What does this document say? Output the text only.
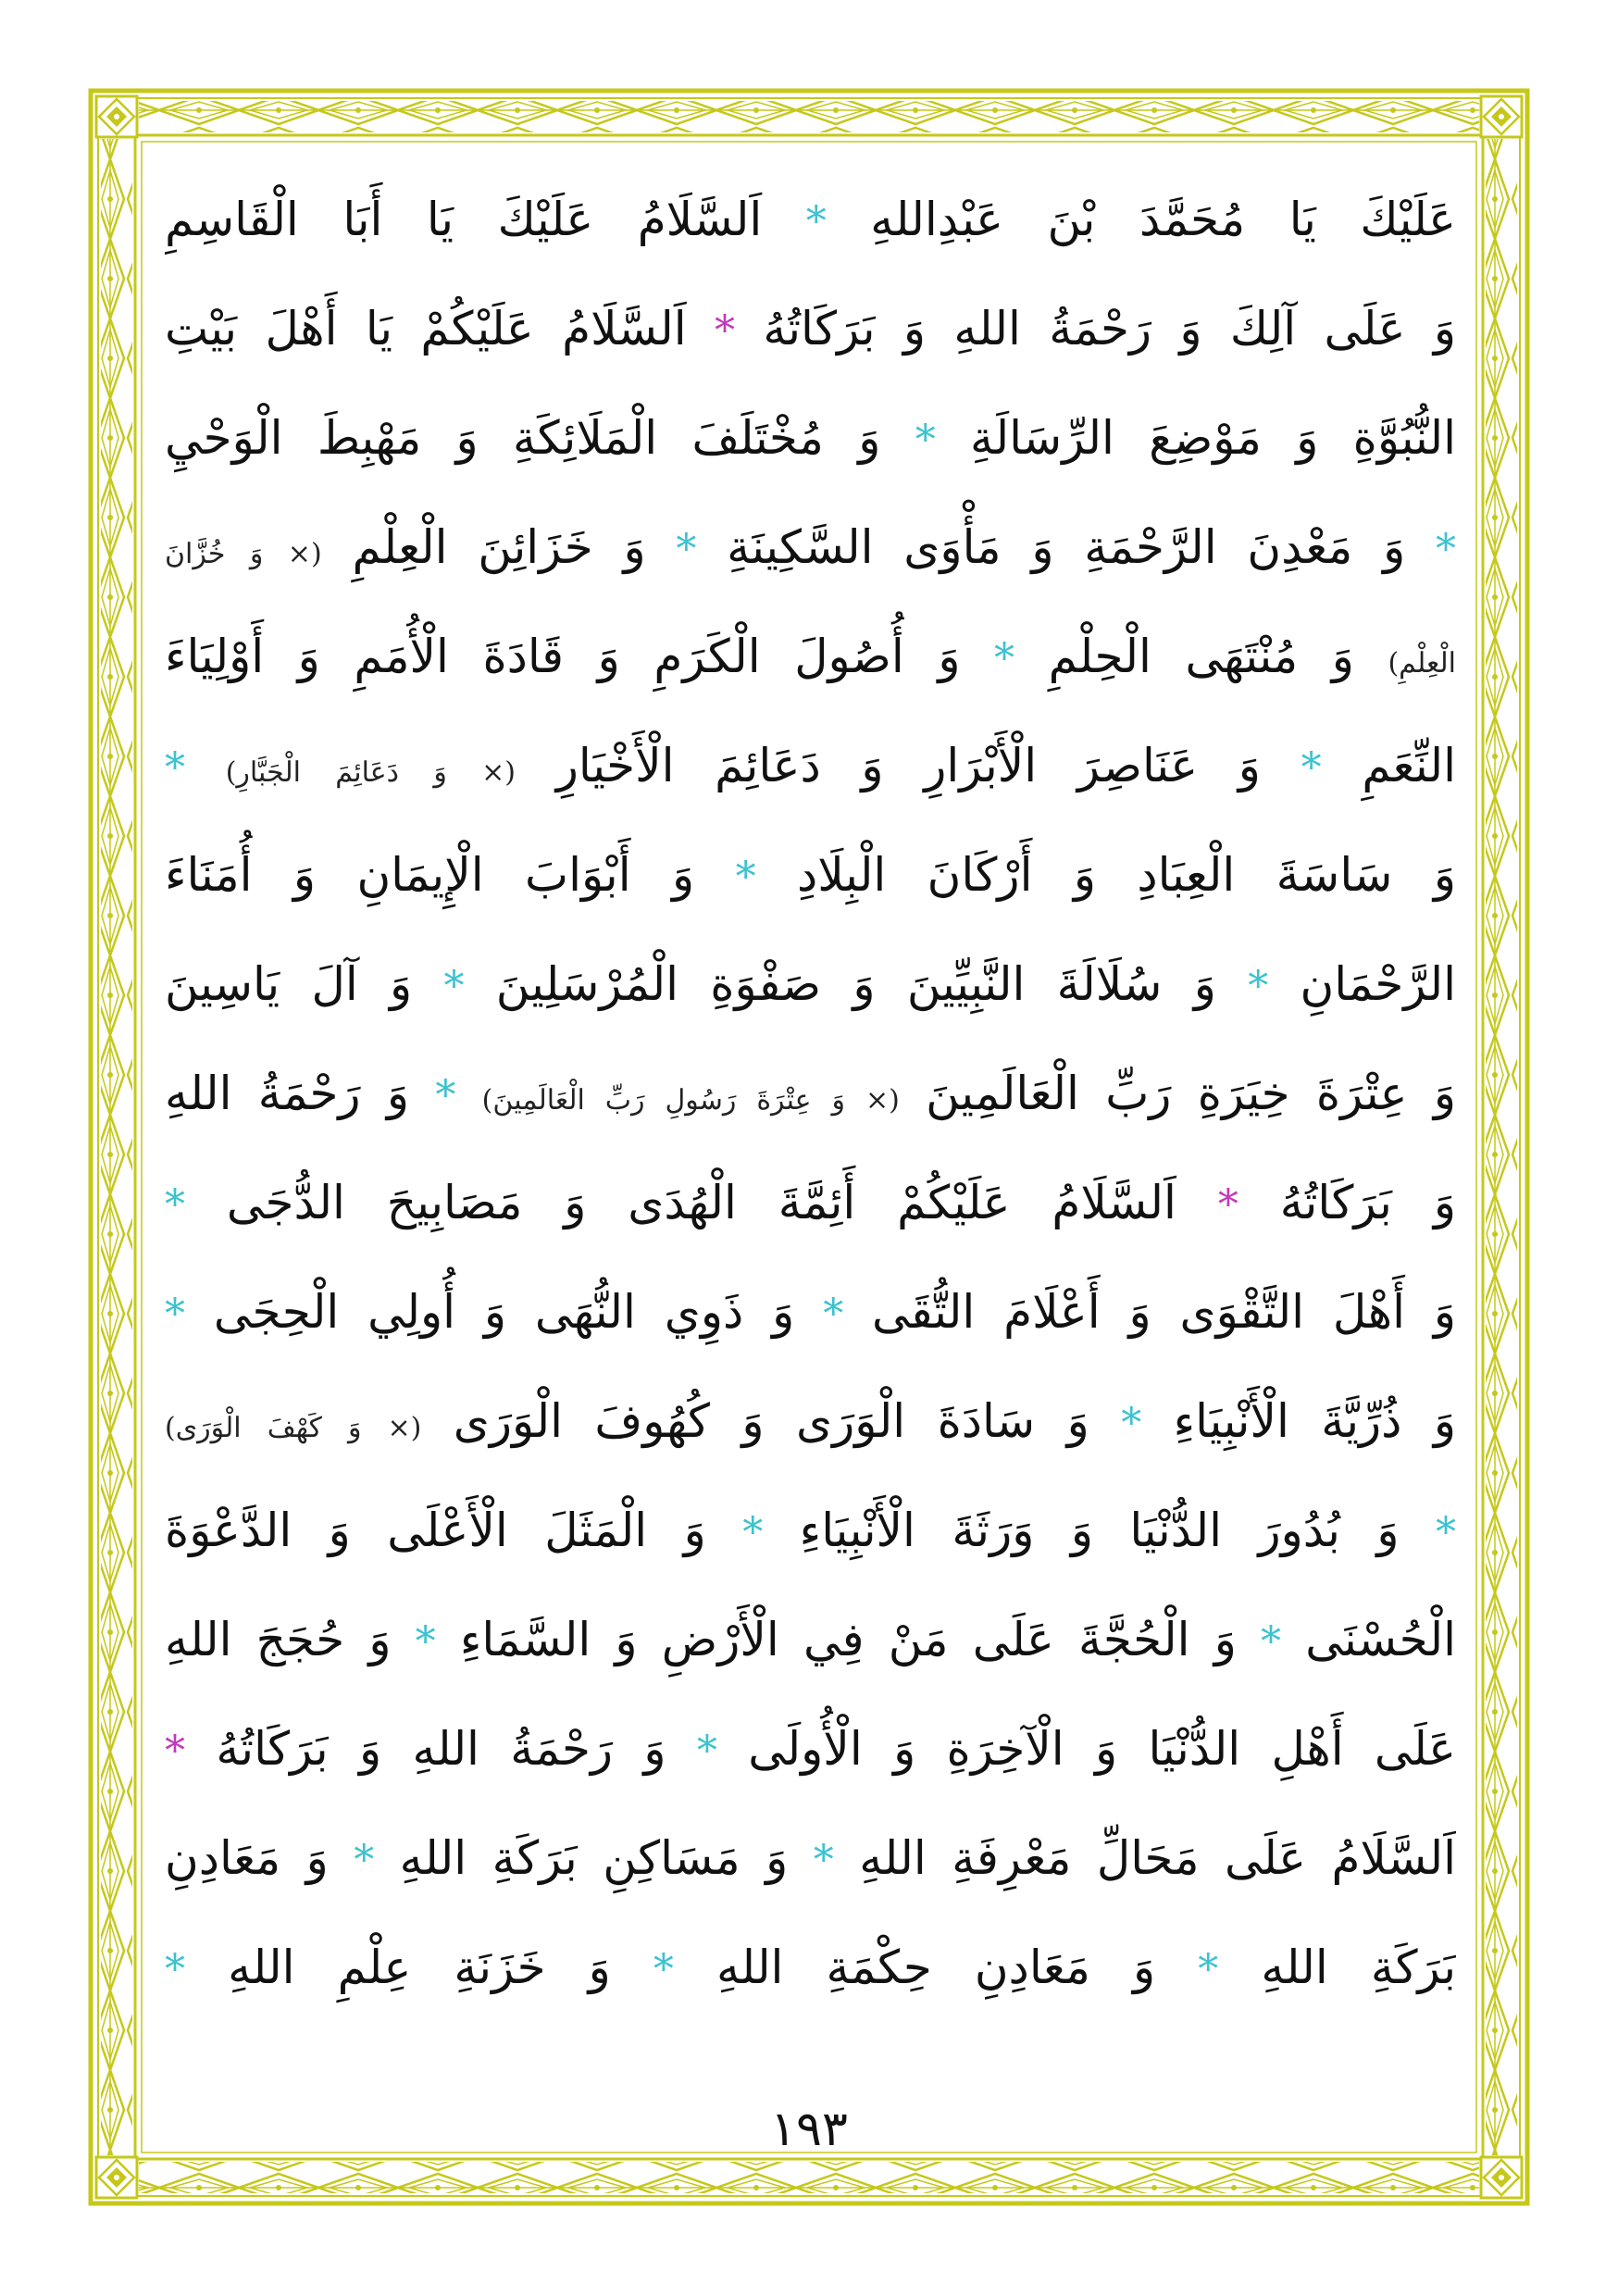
عَلَيْكَ يَا مُحَمَّدَ بْنَ عَبْدِاللهِ * اَلسَّلَامُ عَلَيْكَ يَا أَبَا الْقَاسِمِ
وَ عَلَى آلِكَ وَ رَحْمَةُ اللهِ وَ بَرَكَاتُهُ * اَلسَّلَامُ عَلَيْكُمْ يَا أَهْلَ بَيْتِ
النُّبُوَّةِ وَ مَوْضِعَ الرِّسَالَةِ * وَ مُخْتَلَفَ الْمَلَائِكَةِ وَ مَهْبِطَ الْوَحْيِ
* وَ مَعْدِنَ الرَّحْمَةِ وَ مَأْوَى السَّكِينَةِ * وَ خَزَائِنَ الْعِلْمِ (× وَ خُزَّانَ
الْعِلْمِ) وَ مُنْتَهَى الْحِلْمِ * وَ أُصُولَ الْكَرَمِ وَ قَادَةَ الْأُمَمِ وَ أَوْلِيَاءَ
النِّعَمِ * وَ عَنَاصِرَ الْأَبْرَارِ وَ دَعَائِمَ الْأَخْيَارِ (× وَ دَعَائِمَ الْجَبَّارِ) *
وَ سَاسَةَ الْعِبَادِ وَ أَرْكَانَ الْبِلَادِ * وَ أَبْوَابَ الْإِيمَانِ وَ أُمَنَاءَ
الرَّحْمَانِ * وَ سُلَالَةَ النَّبِيِّينَ وَ صَفْوَةِ الْمُرْسَلِينَ * وَ آلَ يَاسِينَ
وَ عِتْرَةَ خِيَرَةِ رَبِّ الْعَالَمِينَ (× وَ عِتْرَةَ رَسُولِ رَبِّ الْعَالَمِينَ) * وَ رَحْمَةُ اللهِ
وَ بَرَكَاتُهُ * اَلسَّلَامُ عَلَيْكُمْ أَئِمَّةَ الْهُدَى وَ مَصَابِيحَ الدُّجَى *
وَ أَهْلَ التَّقْوَى وَ أَعْلَامَ التُّقَى * وَ ذَوِي النُّهَى وَ أُولِي الْحِجَى *
وَ ذُرِّيَّةَ الْأَنْبِيَاءِ * وَ سَادَةَ الْوَرَى وَ كُهُوفَ الْوَرَى (× وَ كَهْفَ الْوَرَى)
* وَ بُدُورَ الدُّنْيَا وَ وَرَثَةَ الْأَنْبِيَاءِ * وَ الْمَثَلَ الْأَعْلَى وَ الدَّعْوَةَ
الْحُسْنَى * وَ الْحُجَّةَ عَلَى مَنْ فِي الْأَرْضِ وَ السَّمَاءِ * وَ حُجَجَ اللهِ
عَلَى أَهْلِ الدُّنْيَا وَ الْآخِرَةِ وَ الْأُولَى * وَ رَحْمَةُ اللهِ وَ بَرَكَاتُهُ *
اَلسَّلَامُ عَلَى مَحَالِّ مَعْرِفَةِ اللهِ * وَ مَسَاكِنِ بَرَكَةِ اللهِ * وَ مَعَادِنِ
بَرَكَةِ اللهِ * وَ مَعَادِنِ حِكْمَةِ اللهِ * وَ خَزَنَةِ عِلْمِ اللهِ *
١٩٣
